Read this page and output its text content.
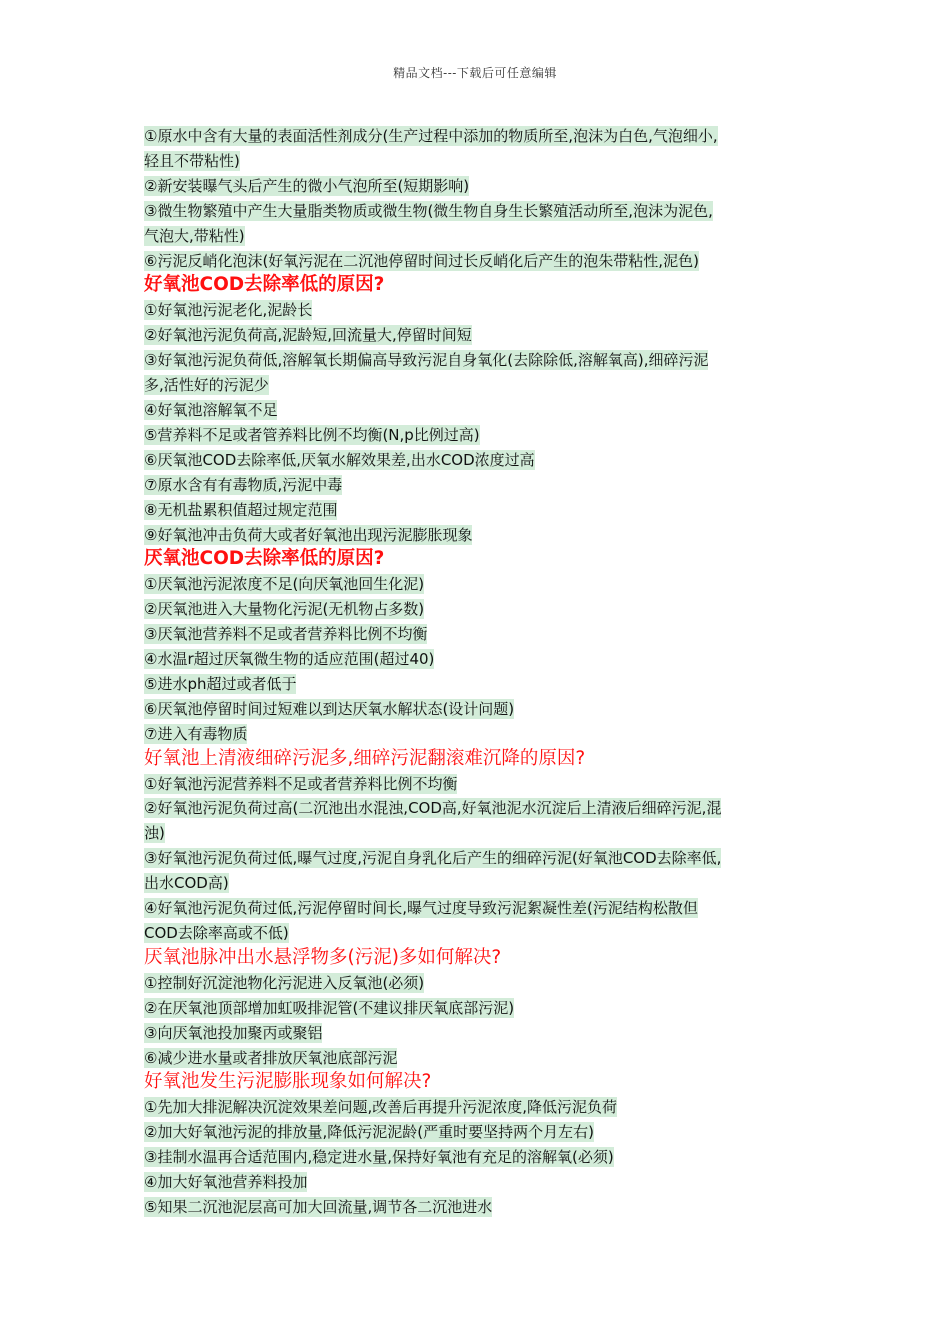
精品文档---下载后可任意编辑
①原水中含有大量的表面活性剂成分(生产过程中添加的物质所至,泡沫为白色,气泡细小,
轻且不带粘性)
②新安装曝气头后产生的微小气泡所至(短期影响)
③微生物繁殖中产生大量脂类物质或微生物(微生物自身生长繁殖活动所至,泡沫为泥色,
气泡大,带粘性)
⑥污泥反峭化泡沫(好氧污泥在二沉池停留时间过长反峭化后产生的泡朱带粘性,泥色)
好氧池COD去除率低的原因?
①好氧池污泥老化,泥龄长
②好氧池污泥负荷高,泥龄短,回流量大,停留时间短
③好氧池污泥负荷低,溶解氧长期偏高导致污泥自身氧化(去除除低,溶解氧高),细碎污泥
多,活性好的污泥少
④好氧池溶解氧不足
⑤营养料不足或者管养料比例不均衡(N,p比例过高)
⑥厌氧池COD去除率低,厌氧水解效果差,出水COD浓度过高
⑦原水含有有毒物质,污泥中毒
⑧无机盐累积值超过规定范围
⑨好氧池冲击负荷大或者好氧池出现污泥膨胀现象
厌氧池COD去除率低的原因?
①厌氧池污泥浓度不足(向厌氧池回生化泥)
②厌氧池进入大量物化污泥(无机物占多数)
③厌氧池营养料不足或者营养料比例不均衡
④水温r超过厌氧微生物的适应范围(超过40)
⑤进水ph超过或者低于
⑥厌氧池停留时间过短难以到达厌氧水解状态(设计问题)
⑦进入有毒物质
好氧池上清液细碎污泥多,细碎污泥翻滚难沉降的原因?
①好氧池污泥营养料不足或者营养料比例不均衡
②好氧池污泥负荷过高(二沉池出水混浊,COD高,好氧池泥水沉淀后上清液后细碎污泥,混
浊)
③好氧池污泥负荷过低,曝气过度,污泥自身乳化后产生的细碎污泥(好氧池COD去除率低,
出水COD高)
④好氧池污泥负荷过低,污泥停留时间长,曝气过度导致污泥絮凝性差(污泥结构松散但
COD去除率高或不低)
厌氧池脉冲出水悬浮物多(污泥)多如何解决?
①控制好沉淀池物化污泥进入反氧池(必须)
②在厌氧池顶部增加虹吸排泥管(不建议排厌氧底部污泥)
③向厌氧池投加聚丙或聚铝
⑥减少进水量或者排放厌氧池底部污泥
好氧池发生污泥膨胀现象如何解决?
①先加大排泥解决沉淀效果差问题,改善后再提升污泥浓度,降低污泥负荷
②加大好氧池污泥的排放量,降低污泥泥龄(严重时要坚持两个月左右)
③挂制水温再合适范围内,稳定进水量,保持好氧池有充足的溶解氧(必须)
④加大好氧池营养料投加
⑤知果二沉池泥层高可加大回流量,调节各二沉池进水
